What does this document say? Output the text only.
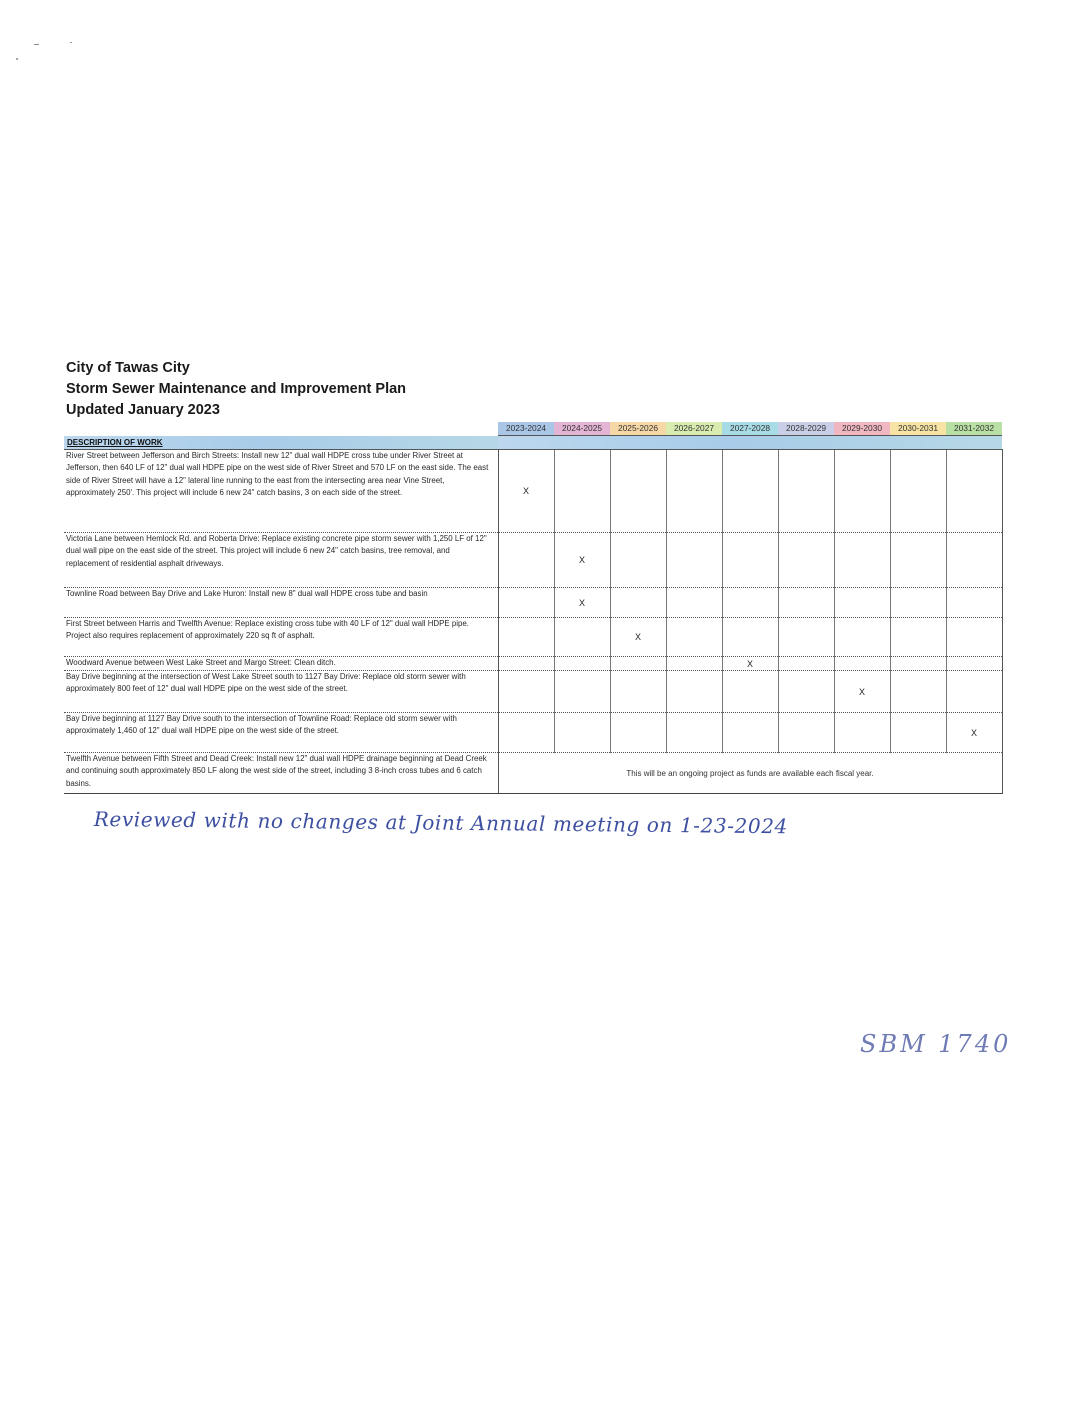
City of Tawas City
Storm Sewer Maintenance and Improvement Plan
Updated January 2023
	2023-2024	2024-2025	2025-2026	2026-2027	2027-2028	2028-2029	2029-2030	2030-2031	2031-2032
DESCRIPTION OF WORK									
River Street between Jefferson and Birch Streets: Install new 12" dual wall HDPE cross tube under River Street at Jefferson, then 640 LF of 12" dual wall HDPE pipe on the west side of River Street and 570 LF on the east side. The east side of River Street will have a 12" lateral line running to the east from the intersecting area near Vine Street, approximately 250'. This project will include 6 new 24" catch basins, 3 on each side of the street.	X								
Victoria Lane between Hemlock Rd. and Roberta Drive: Replace existing concrete pipe storm sewer with 1,250 LF of 12" dual wall pipe on the east side of the street. This project will include 6 new 24" catch basins, tree removal, and replacement of residential asphalt driveways.		X							
Townline Road between Bay Drive and Lake Huron: Install new 8" dual wall HDPE cross tube and basin		X							
First Street between Harris and Twelfth Avenue: Replace existing cross tube with 40 LF of 12" dual wall HDPE pipe. Project also requires replacement of approximately 220 sq ft of asphalt.			X						
Woodward Avenue between West Lake Street and Margo Street: Clean ditch.					X				
Bay Drive beginning at the intersection of West Lake Street south to 1127 Bay Drive: Replace old storm sewer with approximately 800 feet of 12" dual wall HDPE pipe on the west side of the street.							X		
Bay Drive beginning at 1127 Bay Drive south to the intersection of Townline Road: Replace old storm sewer with approximately 1,460 of 12" dual wall HDPE pipe on the west side of the street.									X
Twelfth Avenue between Fifth Street and Dead Creek: Install new 12" dual wall HDPE drainage beginning at Dead Creek and continuing south approximately 850 LF along the west side of the street, including 3 8-inch cross tubes and 6 catch basins.	This will be an ongoing project as funds are available each fiscal year.								
Reviewed with no changes at Joint Annual meeting on 1-23-2024
SBM 1740
